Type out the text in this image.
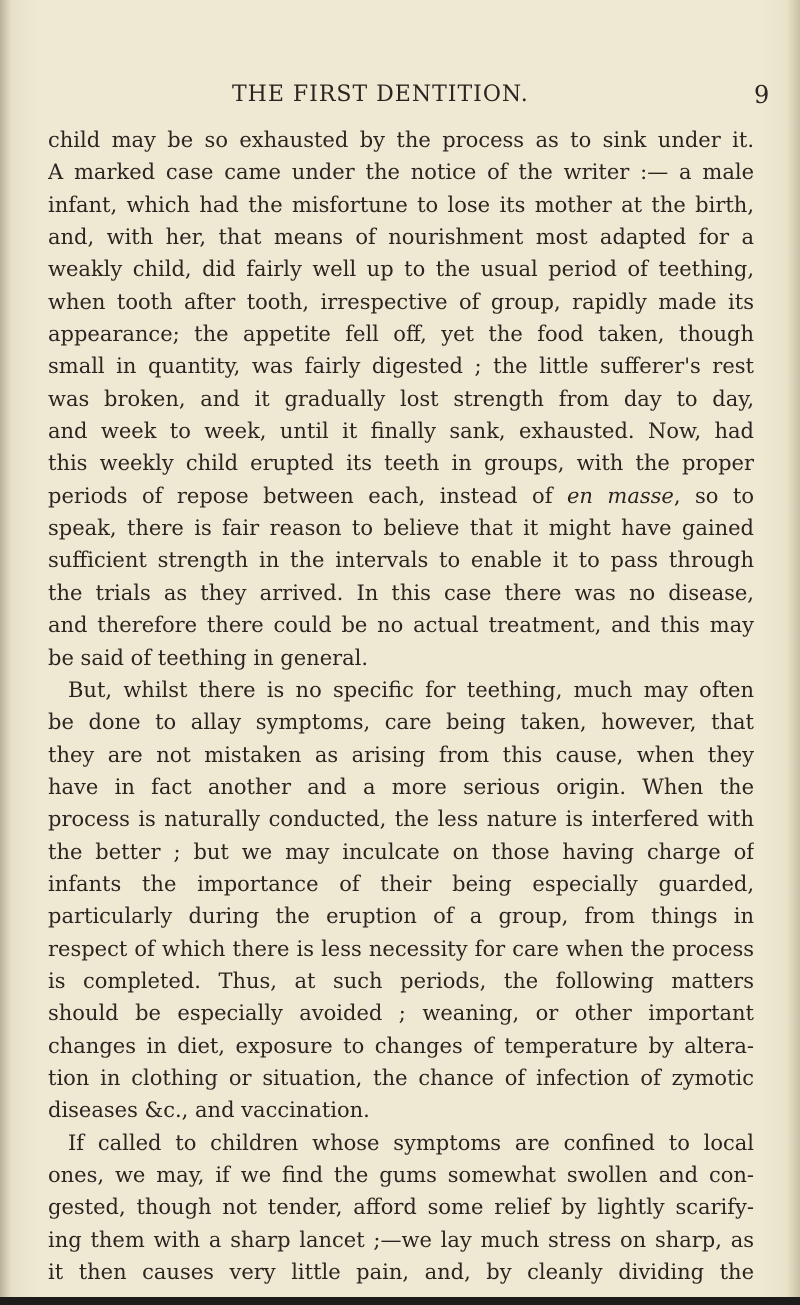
THE FIRST DENTITION.	9
child may be so exhausted by the process as to sink under it.
A marked case came under the notice of the writer :— a male
infant, which had the misfortune to lose its mother at the birth,
and, with her, that means of nourishment most adapted for a
weakly child, did fairly well up to the usual period of teething,
when tooth after tooth, irrespective of group, rapidly made its
appearance; the appetite fell off, yet the food taken, though
small in quantity, was fairly digested ; the little sufferer's rest
was broken, and it gradually lost strength from day to day,
and week to week, until it finally sank, exhausted. Now, had
this weekly child erupted its teeth in groups, with the proper
periods of repose between each, instead of en masse, so to
speak, there is fair reason to believe that it might have gained
sufficient strength in the intervals to enable it to pass through
the trials as they arrived. In this case there was no disease,
and therefore there could be no actual treatment, and this may
be said of teething in general.
But, whilst there is no specific for teething, much may often
be done to allay symptoms, care being taken, however, that
they are not mistaken as arising from this cause, when they
have in fact another and a more serious origin. When the
process is naturally conducted, the less nature is interfered with
the better ; but we may inculcate on those having charge of
infants the importance of their being especially guarded,
particularly during the eruption of a group, from things in
respect of which there is less necessity for care when the process
is completed. Thus, at such periods, the following matters
should be especially avoided ; weaning, or other important
changes in diet, exposure to changes of temperature by altera-
tion in clothing or situation, the chance of infection of zymotic
diseases &c., and vaccination.
If called to children whose symptoms are confined to local
ones, we may, if we find the gums somewhat swollen and con-
gested, though not tender, afford some relief by lightly scarify-
ing them with a sharp lancet ;—we lay much stress on sharp, as
it then causes very little pain, and, by cleanly dividing the
